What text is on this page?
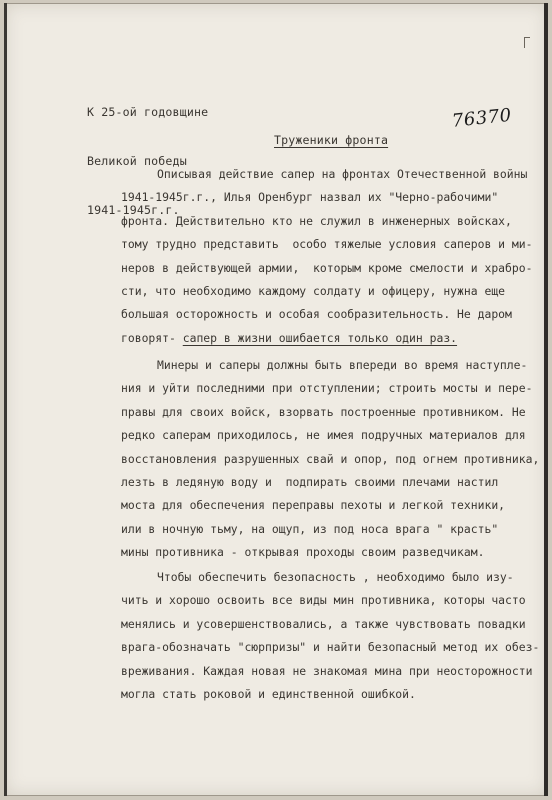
К 25-ой годовщине

Великой победы

1941-1945г.г.

76370
Труженики фронта
Описывая действие сапер на фронтах Отечественной войны
1941-1945г.г., Илья Оренбург назвал их "Черно-рабочими"
фронта. Действительно кто не служил в инженерных войсках,
тому трудно представить  особо тяжелые условия саперов и ми-
неров в действующей армии,  которым кроме смелости и храбро-
сти, что необходимо каждому солдату и офицеру, нужна еще
большая осторожность и особая сообразительность. Не даром
говорят- сапер в жизни ошибается только один раз.
Минеры и саперы должны быть впереди во время наступле-
ния и уйти последними при отступлении; строить мосты и пере-
правы для своих войск, взорвать построенные противником. Не
редко саперам приходилось, не имея подручных материалов для
восстановления разрушенных свай и опор, под огнем противника,
лезть в ледяную воду и  подпирать своими плечами настил
моста для обеспечения переправы пехоты и легкой техники,
или в ночную тьму, на ощуп, из под носа врага " красть"
мины противника - открывая проходы своим разведчикам.
Чтобы обеспечить безопасность , необходимо было изу-
чить и хорошо освоить все виды мин противника, которы часто
менялись и усовершенствовались, а также чувствовать повадки
врага-обозначать "сюрпризы" и найти безопасный метод их обез-
вреживания. Каждая новая не знакомая мина при неосторожности
могла стать роковой и единственной ошибкой.
